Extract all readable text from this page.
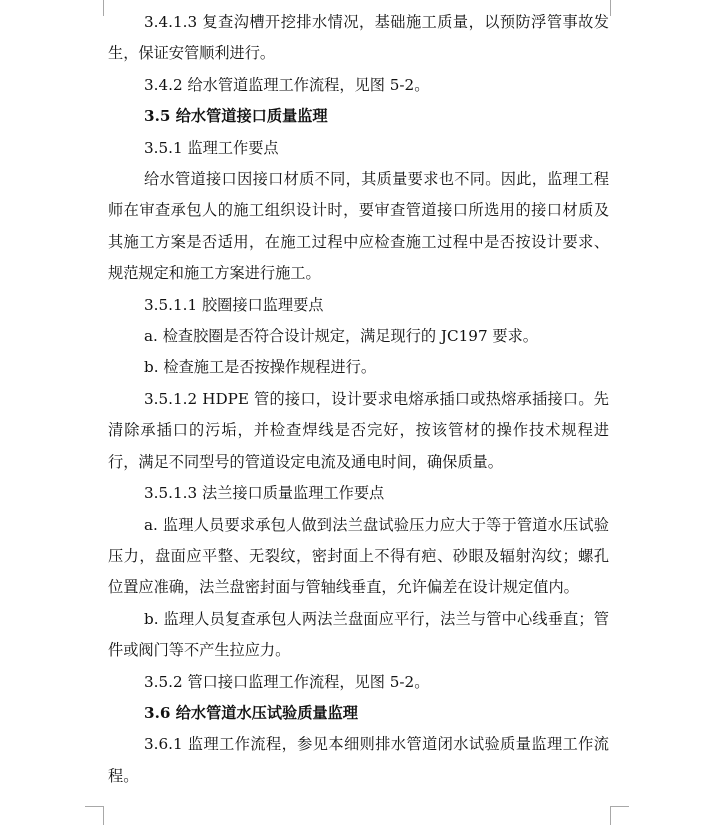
3.4.1.3 复查沟槽开挖排水情况，基础施工质量，以预防浮管事故发生，保证安管顺利进行。

3.4.2 给水管道监理工作流程，见图 5-2。

3.5 给水管道接口质量监理

3.5.1 监理工作要点

给水管道接口因接口材质不同，其质量要求也不同。因此，监理工程师在审查承包人的施工组织设计时，要审查管道接口所选用的接口材质及其施工方案是否适用，在施工过程中应检查施工过程中是否按设计要求、规范规定和施工方案进行施工。

3.5.1.1 胶圈接口监理要点

a. 检查胶圈是否符合设计规定，满足现行的 JC197 要求。

b. 检查施工是否按操作规程进行。

3.5.1.2 HDPE 管的接口，设计要求电熔承插口或热熔承插接口。先清除承插口的污垢，并检查焊线是否完好，按该管材的操作技术规程进行，满足不同型号的管道设定电流及通电时间，确保质量。

3.5.1.3 法兰接口质量监理工作要点

a. 监理人员要求承包人做到法兰盘试验压力应大于等于管道水压试验压力，盘面应平整、无裂纹，密封面上不得有疤、砂眼及辐射沟纹；螺孔位置应准确，法兰盘密封面与管轴线垂直，允许偏差在设计规定值内。

b. 监理人员复查承包人两法兰盘面应平行，法兰与管中心线垂直；管件或阀门等不产生拉应力。

3.5.2 管口接口监理工作流程，见图 5-2。

3.6 给水管道水压试验质量监理

3.6.1 监理工作流程，参见本细则排水管道闭水试验质量监理工作流程。
